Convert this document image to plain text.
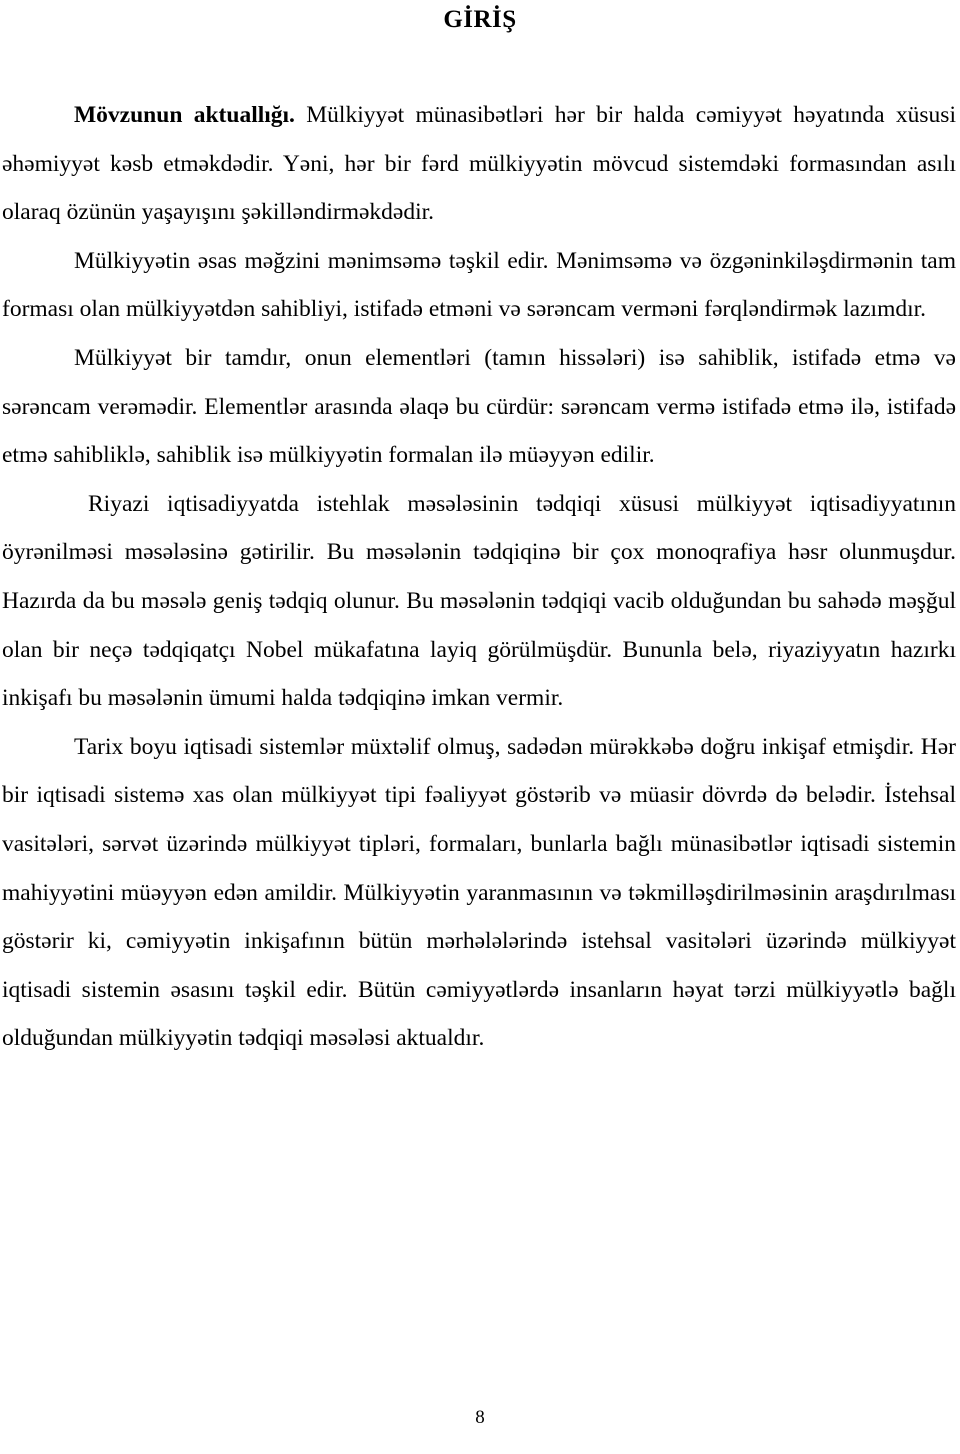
GİRİŞ

Mövzunun aktuallığı. Mülkiyyət münasibətləri hər bir halda cəmiyyət həyatında xüsusi əhəmiyyət kəsb etməkdədir. Yəni, hər bir fərd mülkiyyətin mövcud sistemdəki formasından asılı olaraq özünün yaşayışını şəkilləndirməkdədir.

Mülkiyyətin əsas məğzini mənimsəmə təşkil edir. Mənimsəmə və özgəninkiləşdirmənin tam forması olan mülkiyyətdən sahibliyi, istifadə etməni və sərəncam verməni fərqləndirmək lazımdır.

Mülkiyyət bir tamdır, onun elementləri (tamın hissələri) isə sahiblik, istifadə etmə və sərəncam verəmədir. Elementlər arasında əlaqə bu cürdür: sərəncam vermə istifadə etmə ilə, istifadə etmə sahibliklə, sahiblik isə mülkiyyətin formalan ilə müəyyən edilir.

Riyazi iqtisadiyyatda istehlak məsələsinin tədqiqi xüsusi mülkiyyət iqtisadiyyatının öyrənilməsi məsələsinə gətirilir. Bu məsələnin tədqiqinə bir çox monoqrafiya həsr olunmuşdur. Hazırda da bu məsələ geniş tədqiq olunur. Bu məsələnin tədqiqi vacib olduğundan bu sahədə məşğul olan bir neçə tədqiqatçı Nobel mükafatına layiq görülmüşdür. Bununla belə, riyaziyyatın hazırkı inkişafı bu məsələnin ümumi halda tədqiqinə imkan vermir.

Tarix boyu iqtisadi sistemlər müxtəlif olmuş, sadədən mürəkkəbə doğru inkişaf etmişdir. Hər bir iqtisadi sistemə xas olan mülkiyyət tipi fəaliyyət göstərib və müasir dövrdə də belədir. İstehsal vasitələri, sərvət üzərində mülkiyyət tipləri, formaları, bunlarla bağlı münasibətlər iqtisadi sistemin mahiyyətini müəyyən edən amildir. Mülkiyyətin yaranmasının və təkmilləşdirilməsinin araşdırılması göstərir ki, cəmiyyətin inkişafının bütün mərhələlərində istehsal vasitələri üzərində mülkiyyət iqtisadi sistemin əsasını təşkil edir. Bütün cəmiyyətlərdə insanların həyat tərzi mülkiyyətlə bağlı olduğundan mülkiyyətin tədqiqi məsələsi aktualdır.

8
